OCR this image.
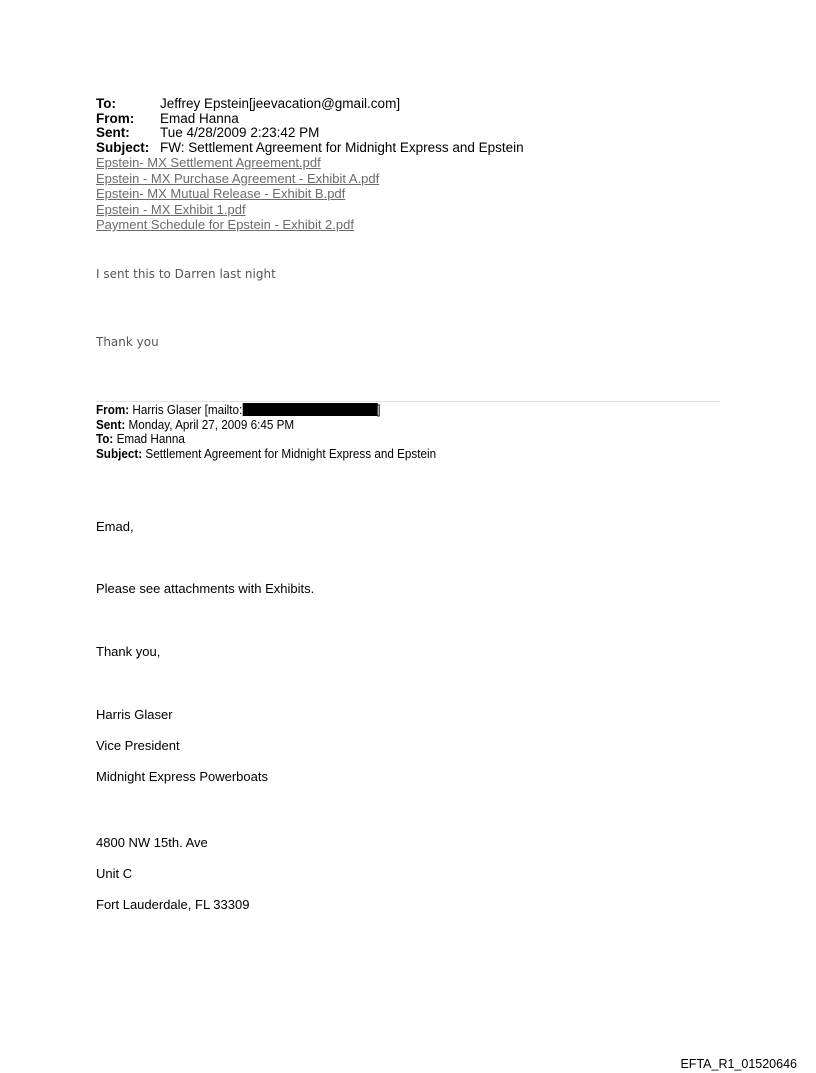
To:	Jeffrey Epstein[jeevacation@gmail.com]
From:	Emad Hanna
Sent:	Tue 4/28/2009 2:23:42 PM
Subject: FW: Settlement Agreement for Midnight Express and Epstein
Epstein- MX Settlement Agreement.pdf
Epstein - MX Purchase Agreement - Exhibit A.pdf
Epstein- MX Mutual Release - Exhibit B.pdf
Epstein - MX Exhibit 1.pdf
Payment Schedule for Epstein - Exhibit 2.pdf
I sent this to Darren last night
Thank you
From: Harris Glaser [mailto:	]
Sent: Monday, April 27, 2009 6:45 PM
To: Emad Hanna
Subject: Settlement Agreement for Midnight Express and Epstein
Emad,
Please see attachments with Exhibits.
Thank you,
Harris Glaser
Vice President
Midnight Express Powerboats
4800 NW 15th. Ave
Unit C
Fort Lauderdale, FL 33309
EFTA_R1_01520646
